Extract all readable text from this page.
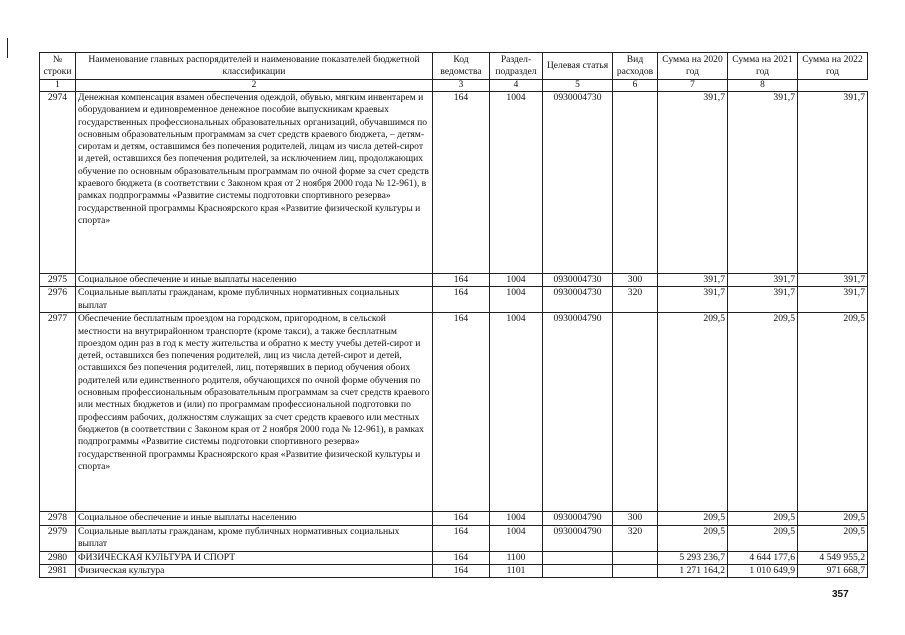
№ строки	Наименование главных распорядителей и наименование показателей бюджетной классификации	Код ведомства	Раздел-подраздел	Целевая статья	Вид расходов	Сумма на 2020 год	Сумма на 2021 год	Сумма на 2022 год
1	2	3	4	5	6	7	8	
2974	Денежная компенсация взамен обеспечения одеждой, обувью, мягким инвентарем и оборудованием и единовременное денежное пособие выпускникам краевых государственных профессиональных образовательных организаций, обучавшимся по основным образовательным программам за счет средств краевого бюджета, – детям-сиротам и детям, оставшимся без попечения родителей, лицам из числа детей-сирот и детей, оставшихся без попечения родителей, за исключением лиц, продолжающих обучение по основным образовательным программам по очной форме за счет средств краевого бюджета (в соответствии с Законом края от 2 ноября 2000 года № 12-961), в рамках подпрограммы «Развитие системы подготовки спортивного резерва» государственной программы Красноярского края «Развитие физической культуры и спорта»	164	1004	0930004730		391,7	391,7	391,7
2975	Социальное обеспечение и иные выплаты населению	164	1004	0930004730	300	391,7	391,7	391,7
2976	Социальные выплаты гражданам, кроме публичных нормативных социальных выплат	164	1004	0930004730	320	391,7	391,7	391,7
2977	Обеспечение бесплатным проездом на городском, пригородном, в сельской местности на внутрирайонном транспорте (кроме такси), а также бесплатным проездом один раз в год к месту жительства и обратно к месту учебы детей-сирот и детей, оставшихся без попечения родителей, лиц из числа детей-сирот и детей, оставшихся без попечения родителей, лиц, потерявших в период обучения обоих родителей или единственного родителя, обучающихся по очной форме обучения по основным профессиональным образовательным программам за счет средств краевого или местных бюджетов и (или) по программам профессиональной подготовки по профессиям рабочих, должностям служащих за счет средств краевого или местных бюджетов (в соответствии с Законом края от 2 ноября 2000 года № 12-961), в рамках подпрограммы «Развитие системы подготовки спортивного резерва» государственной программы Красноярского края «Развитие физической культуры и спорта»	164	1004	0930004790		209,5	209,5	209,5
2978	Социальное обеспечение и иные выплаты населению	164	1004	0930004790	300	209,5	209,5	209,5
2979	Социальные выплаты гражданам, кроме публичных нормативных социальных выплат	164	1004	0930004790	320	209,5	209,5	209,5
2980	ФИЗИЧЕСКАЯ КУЛЬТУРА И СПОРТ	164	1100			5 293 236,7	4 644 177,6	4 549 955,2
2981	Физическая культура	164	1101			1 271 164,2	1 010 649,9	971 668,7
357
